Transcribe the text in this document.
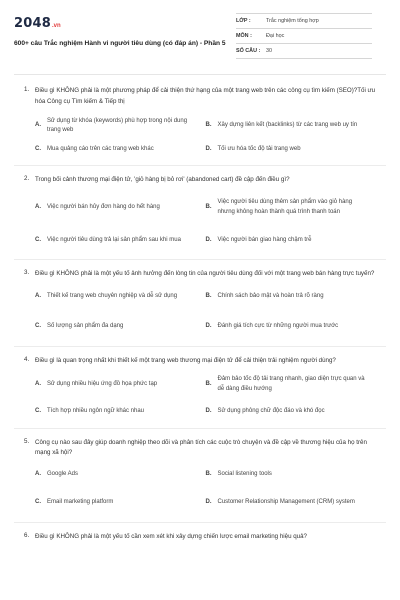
2048.vn
600+ câu Trắc nghiệm Hành vi người tiêu dùng (có đáp án) - Phần 5
LỚP :	Trắc nghiệm tổng hợp
MÔN :	Đại học
SỐ CÂU :	30
1. Điều gì KHÔNG phải là một phương pháp để cải thiện thứ hạng của một trang web trên các công cụ tìm kiếm (SEO)?Tối ưu hóa Công cụ Tìm kiếm & Tiếp thị
A.
Sử dụng từ khóa (keywords) phù hợp trong nội dung trang web
B.	Xây dựng liên kết (backlinks) từ các trang web uy tín
C.	Mua quảng cáo trên các trang web khác	D.	Tối ưu hóa tốc độ tải trang web
2. Trong bối cảnh thương mại điện tử, 'giỏ hàng bị bỏ rơi' (abandoned cart) đề cập đến điều gì?
A.	Việc người bán hủy đơn hàng do hết hàng	B.
Việc người tiêu dùng thêm sản phẩm vào giỏ hàng nhưng không hoàn thành quá trình thanh toán
C.	Việc người tiêu dùng trả lại sản phẩm sau khi mua	D.	Việc người bán giao hàng chậm trễ
3. Điều gì KHÔNG phải là một yếu tố ảnh hưởng đến lòng tin của người tiêu dùng đối với một trang web bán hàng trực tuyến?
A.	Thiết kế trang web chuyên nghiệp và dễ sử dụng	B.	Chính sách bảo mật và hoàn trả rõ ràng
C.	Số lượng sản phẩm đa dạng	D.	Đánh giá tích cực từ những người mua trước
4. Điều gì là quan trọng nhất khi thiết kế một trang web thương mại điện tử để cải thiện trải nghiệm người dùng?
A.	Sử dụng nhiều hiệu ứng đồ họa phức tạp	B.
Đảm bảo tốc độ tải trang nhanh, giao diện trực quan và dễ dàng điều hướng
C.	Tích hợp nhiều ngôn ngữ khác nhau	D.	Sử dụng phông chữ độc đáo và khó đọc
5. Công cụ nào sau đây giúp doanh nghiệp theo dõi và phân tích các cuộc trò chuyện và đề cập về thương hiệu của họ trên mạng xã hội?
A.	Google Ads	B.	Social listening tools
C.	Email marketing platform	D.	Customer Relationship Management (CRM) system
6. Điều gì KHÔNG phải là một yếu tố cần xem xét khi xây dựng chiến lược email marketing hiệu quả?
